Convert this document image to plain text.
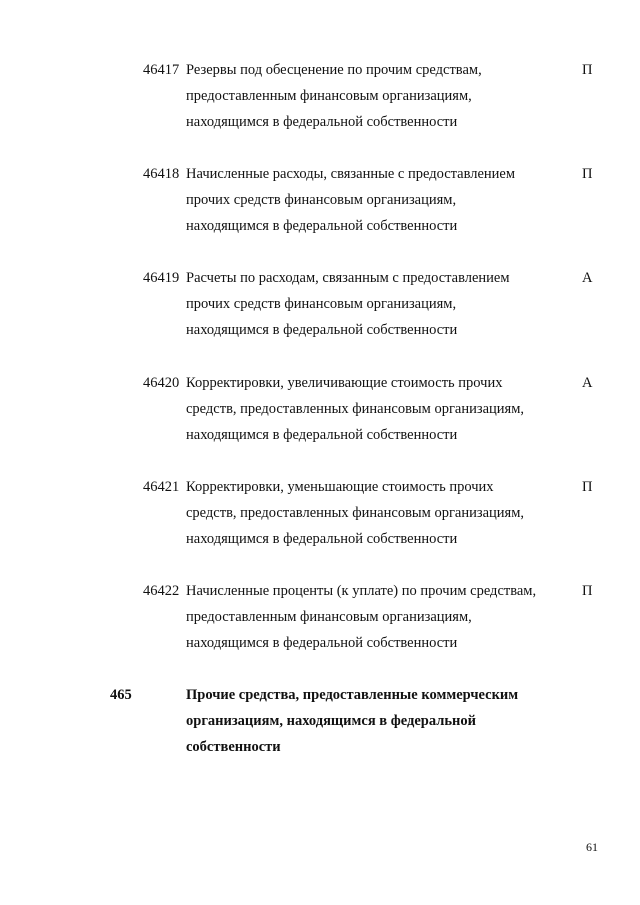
46417 Резервы под обесценение по прочим средствам,
предоставленным финансовым организациям,
находящимся в федеральной собственности
П
46418 Начисленные расходы, связанные с предоставлением
прочих средств финансовым организациям,
находящимся в федеральной собственности
П
46419 Расчеты по расходам, связанным с предоставлением
прочих средств финансовым организациям,
находящимся в федеральной собственности
А
46420 Корректировки, увеличивающие стоимость прочих
средств, предоставленных финансовым организациям,
находящимся в федеральной собственности
А
46421 Корректировки, уменьшающие стоимость прочих
средств, предоставленных финансовым организациям,
находящимся в федеральной собственности
П
46422 Начисленные проценты (к уплате) по прочим средствам,
предоставленным финансовым организациям,
находящимся в федеральной собственности
П
465	Прочие средства, предоставленные коммерческим
организациям, находящимся в федеральной
собственности
61
